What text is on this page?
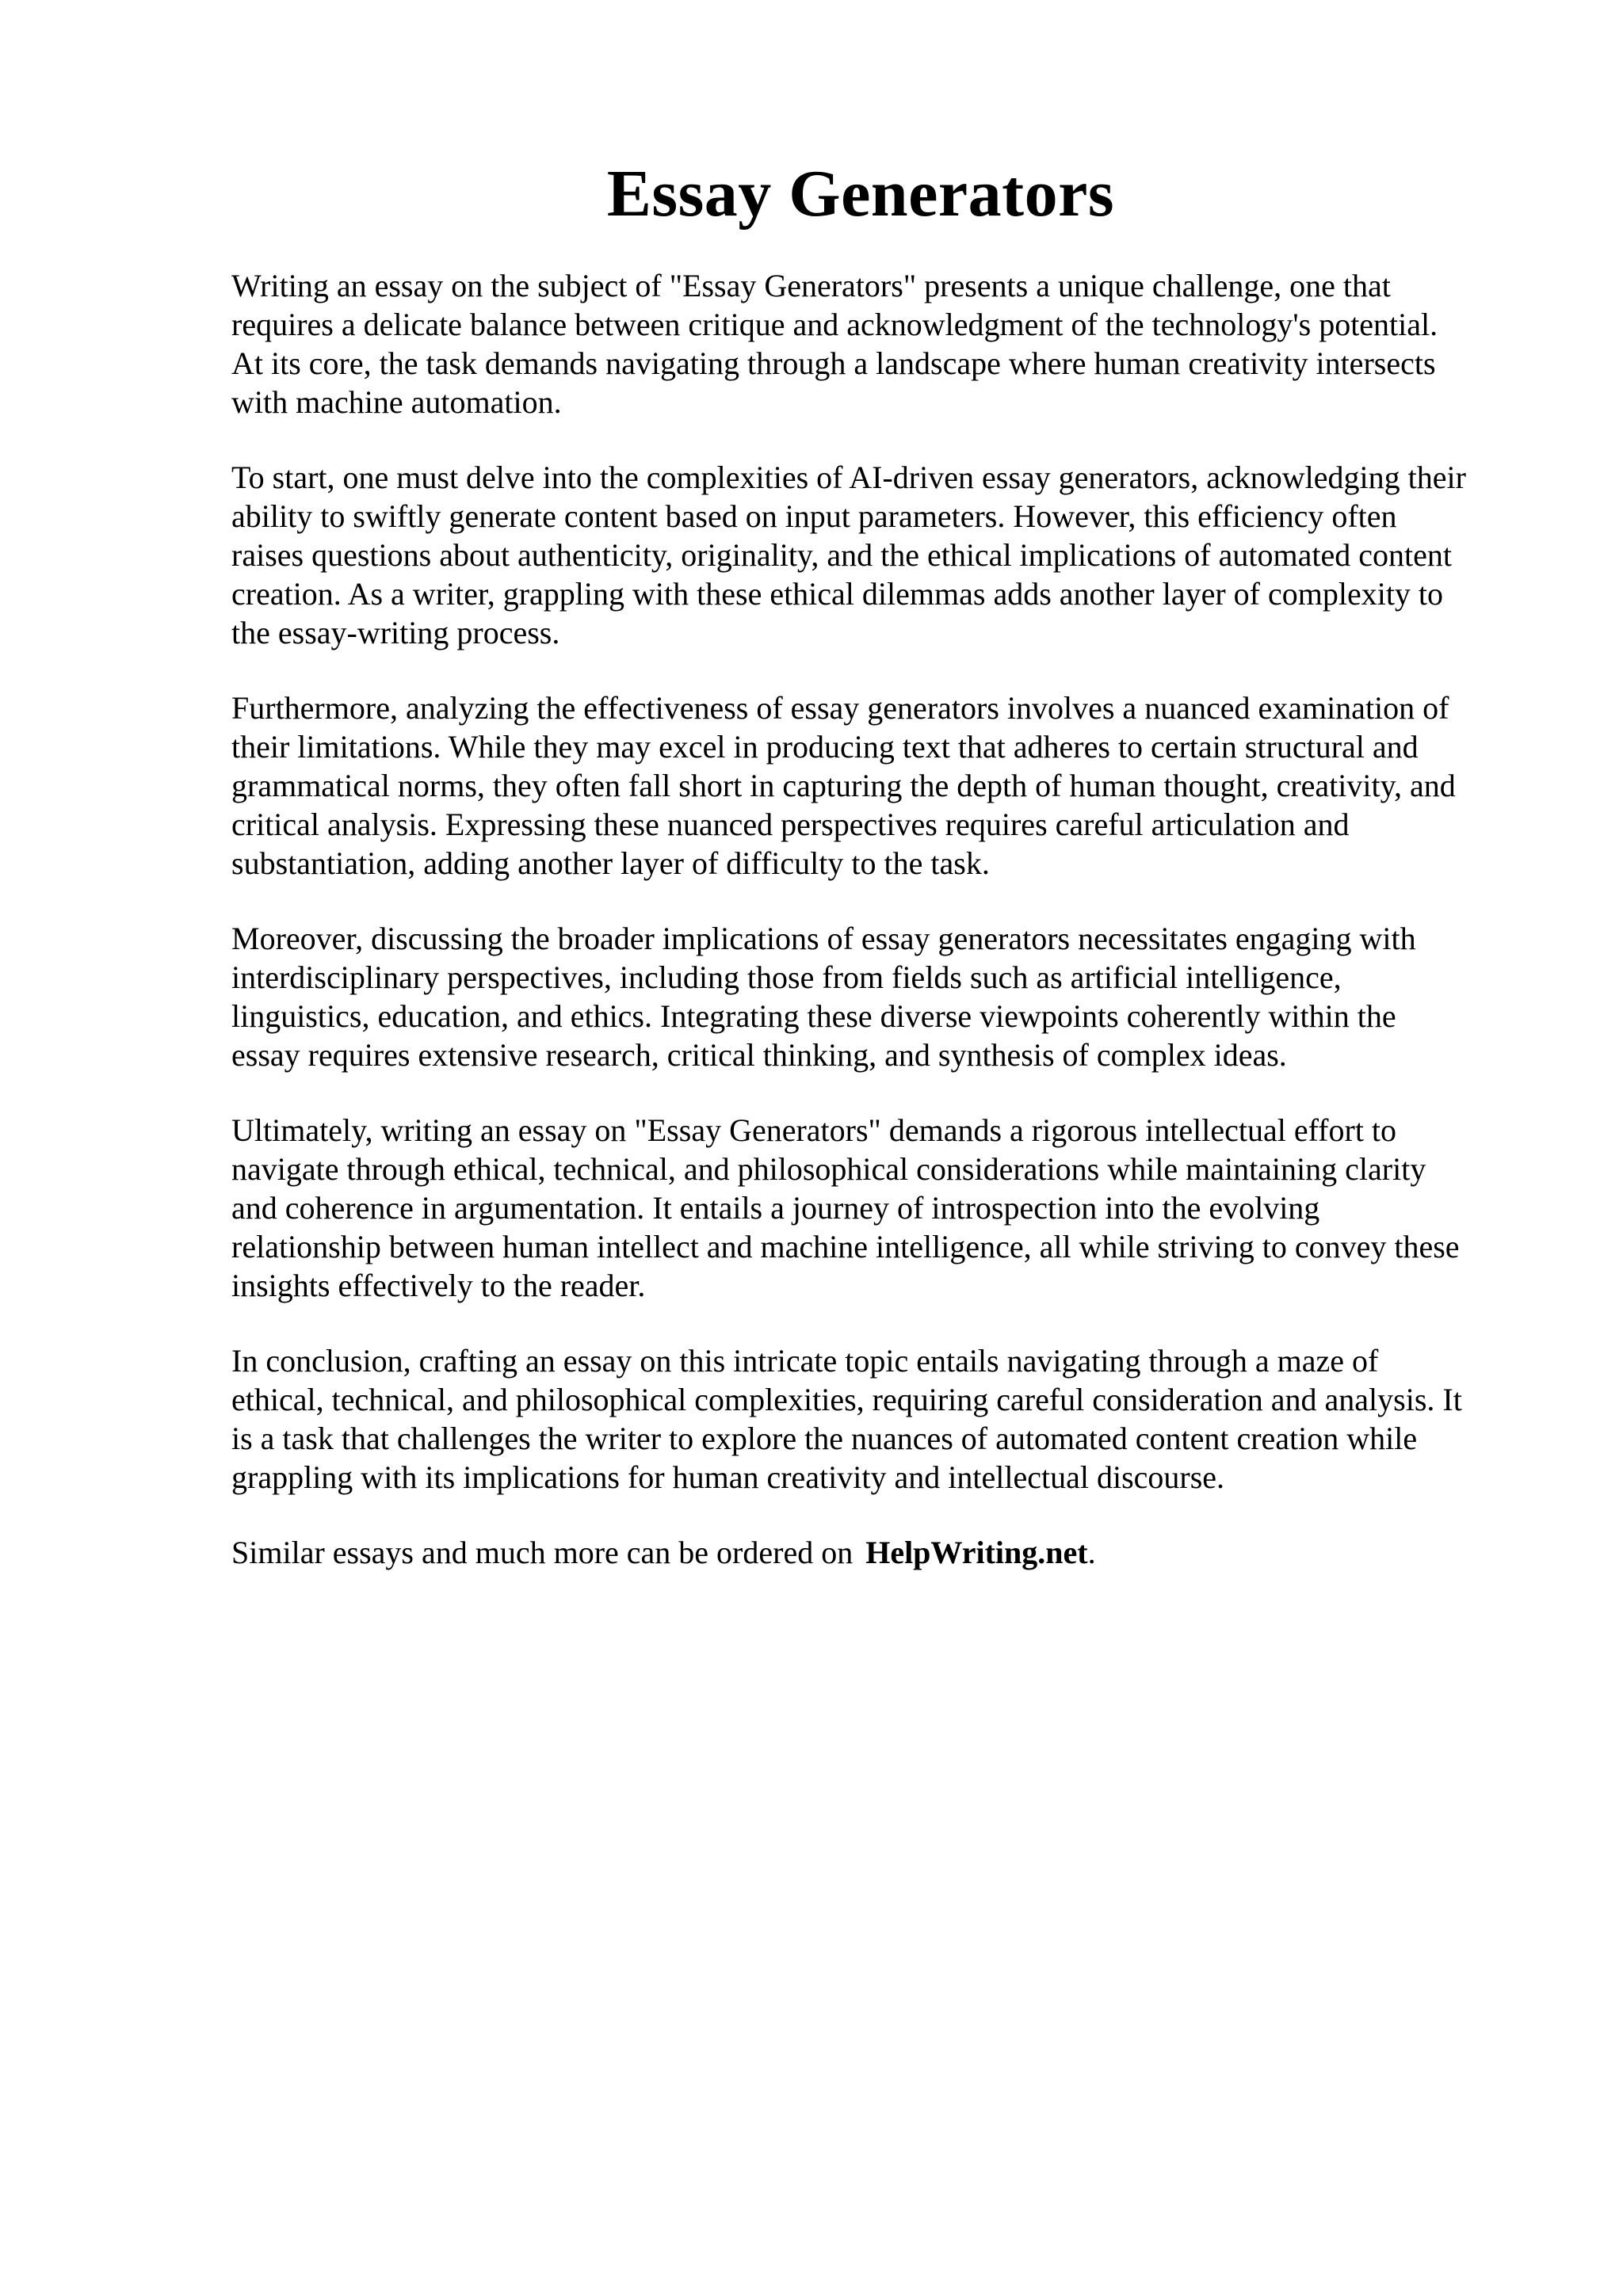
Essay Generators

Writing an essay on the subject of "Essay Generators" presents a unique challenge, one that
requires a delicate balance between critique and acknowledgment of the technology's potential.
At its core, the task demands navigating through a landscape where human creativity intersects
with machine automation.

To start, one must delve into the complexities of AI-driven essay generators, acknowledging their
ability to swiftly generate content based on input parameters. However, this efficiency often
raises questions about authenticity, originality, and the ethical implications of automated content
creation. As a writer, grappling with these ethical dilemmas adds another layer of complexity to
the essay-writing process.

Furthermore, analyzing the effectiveness of essay generators involves a nuanced examination of
their limitations. While they may excel in producing text that adheres to certain structural and
grammatical norms, they often fall short in capturing the depth of human thought, creativity, and
critical analysis. Expressing these nuanced perspectives requires careful articulation and
substantiation, adding another layer of difficulty to the task.

Moreover, discussing the broader implications of essay generators necessitates engaging with
interdisciplinary perspectives, including those from fields such as artificial intelligence,
linguistics, education, and ethics. Integrating these diverse viewpoints coherently within the
essay requires extensive research, critical thinking, and synthesis of complex ideas.

Ultimately, writing an essay on "Essay Generators" demands a rigorous intellectual effort to
navigate through ethical, technical, and philosophical considerations while maintaining clarity
and coherence in argumentation. It entails a journey of introspection into the evolving
relationship between human intellect and machine intelligence, all while striving to convey these
insights effectively to the reader.

In conclusion, crafting an essay on this intricate topic entails navigating through a maze of
ethical, technical, and philosophical complexities, requiring careful consideration and analysis. It
is a task that challenges the writer to explore the nuances of automated content creation while
grappling with its implications for human creativity and intellectual discourse.

Similar essays and much more can be ordered on HelpWriting.net.
